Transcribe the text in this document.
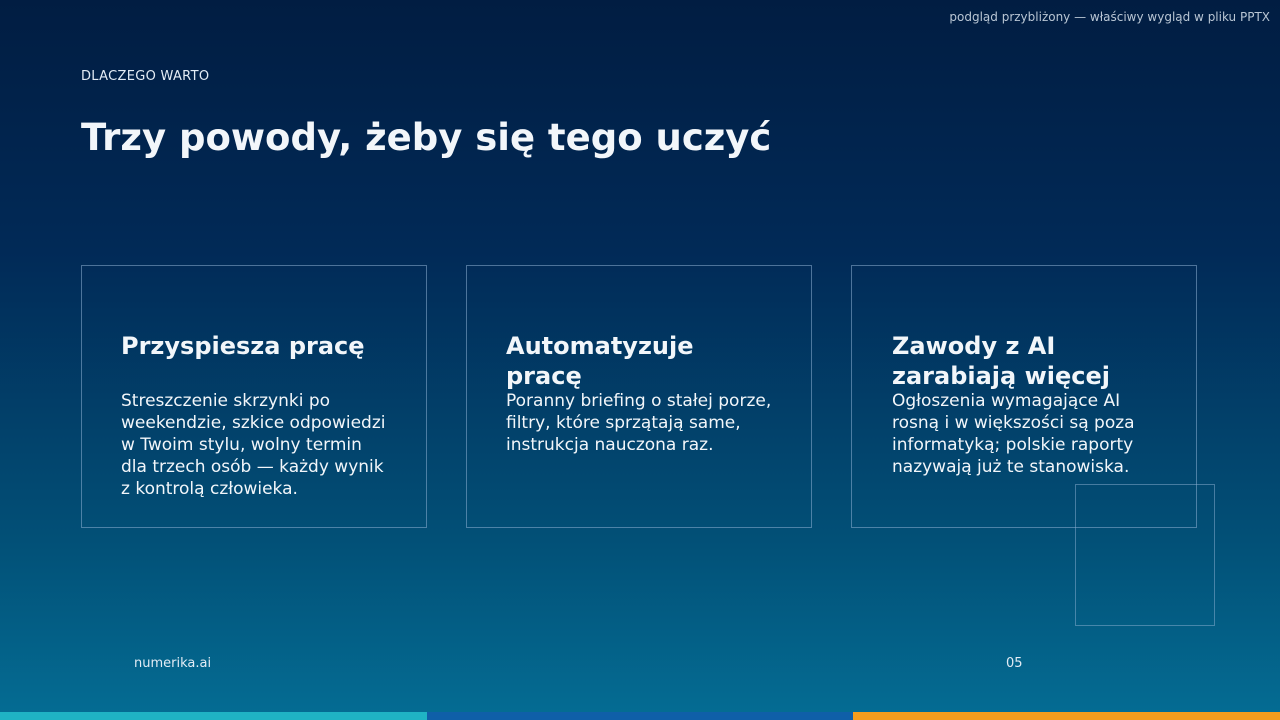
podgląd przybliżony — właściwy wygląd w pliku PPTX
DLACZEGO WARTO
Trzy powody, żeby się tego uczyć
Przyspiesza pracę
Streszczenie skrzynki po weekendzie, szkice odpowiedzi w Twoim stylu, wolny termin dla trzech osób — każdy wynik z kontrolą człowieka.
Automatyzuje pracę
Poranny briefing o stałej porze, filtry, które sprzątają same, instrukcja nauczona raz.
Zawody z AI zarabiają więcej
Ogłoszenia wymagające AI rosną i w większości są poza informatyką; polskie raporty nazywają już te stanowiska.
numerika.ai	05
